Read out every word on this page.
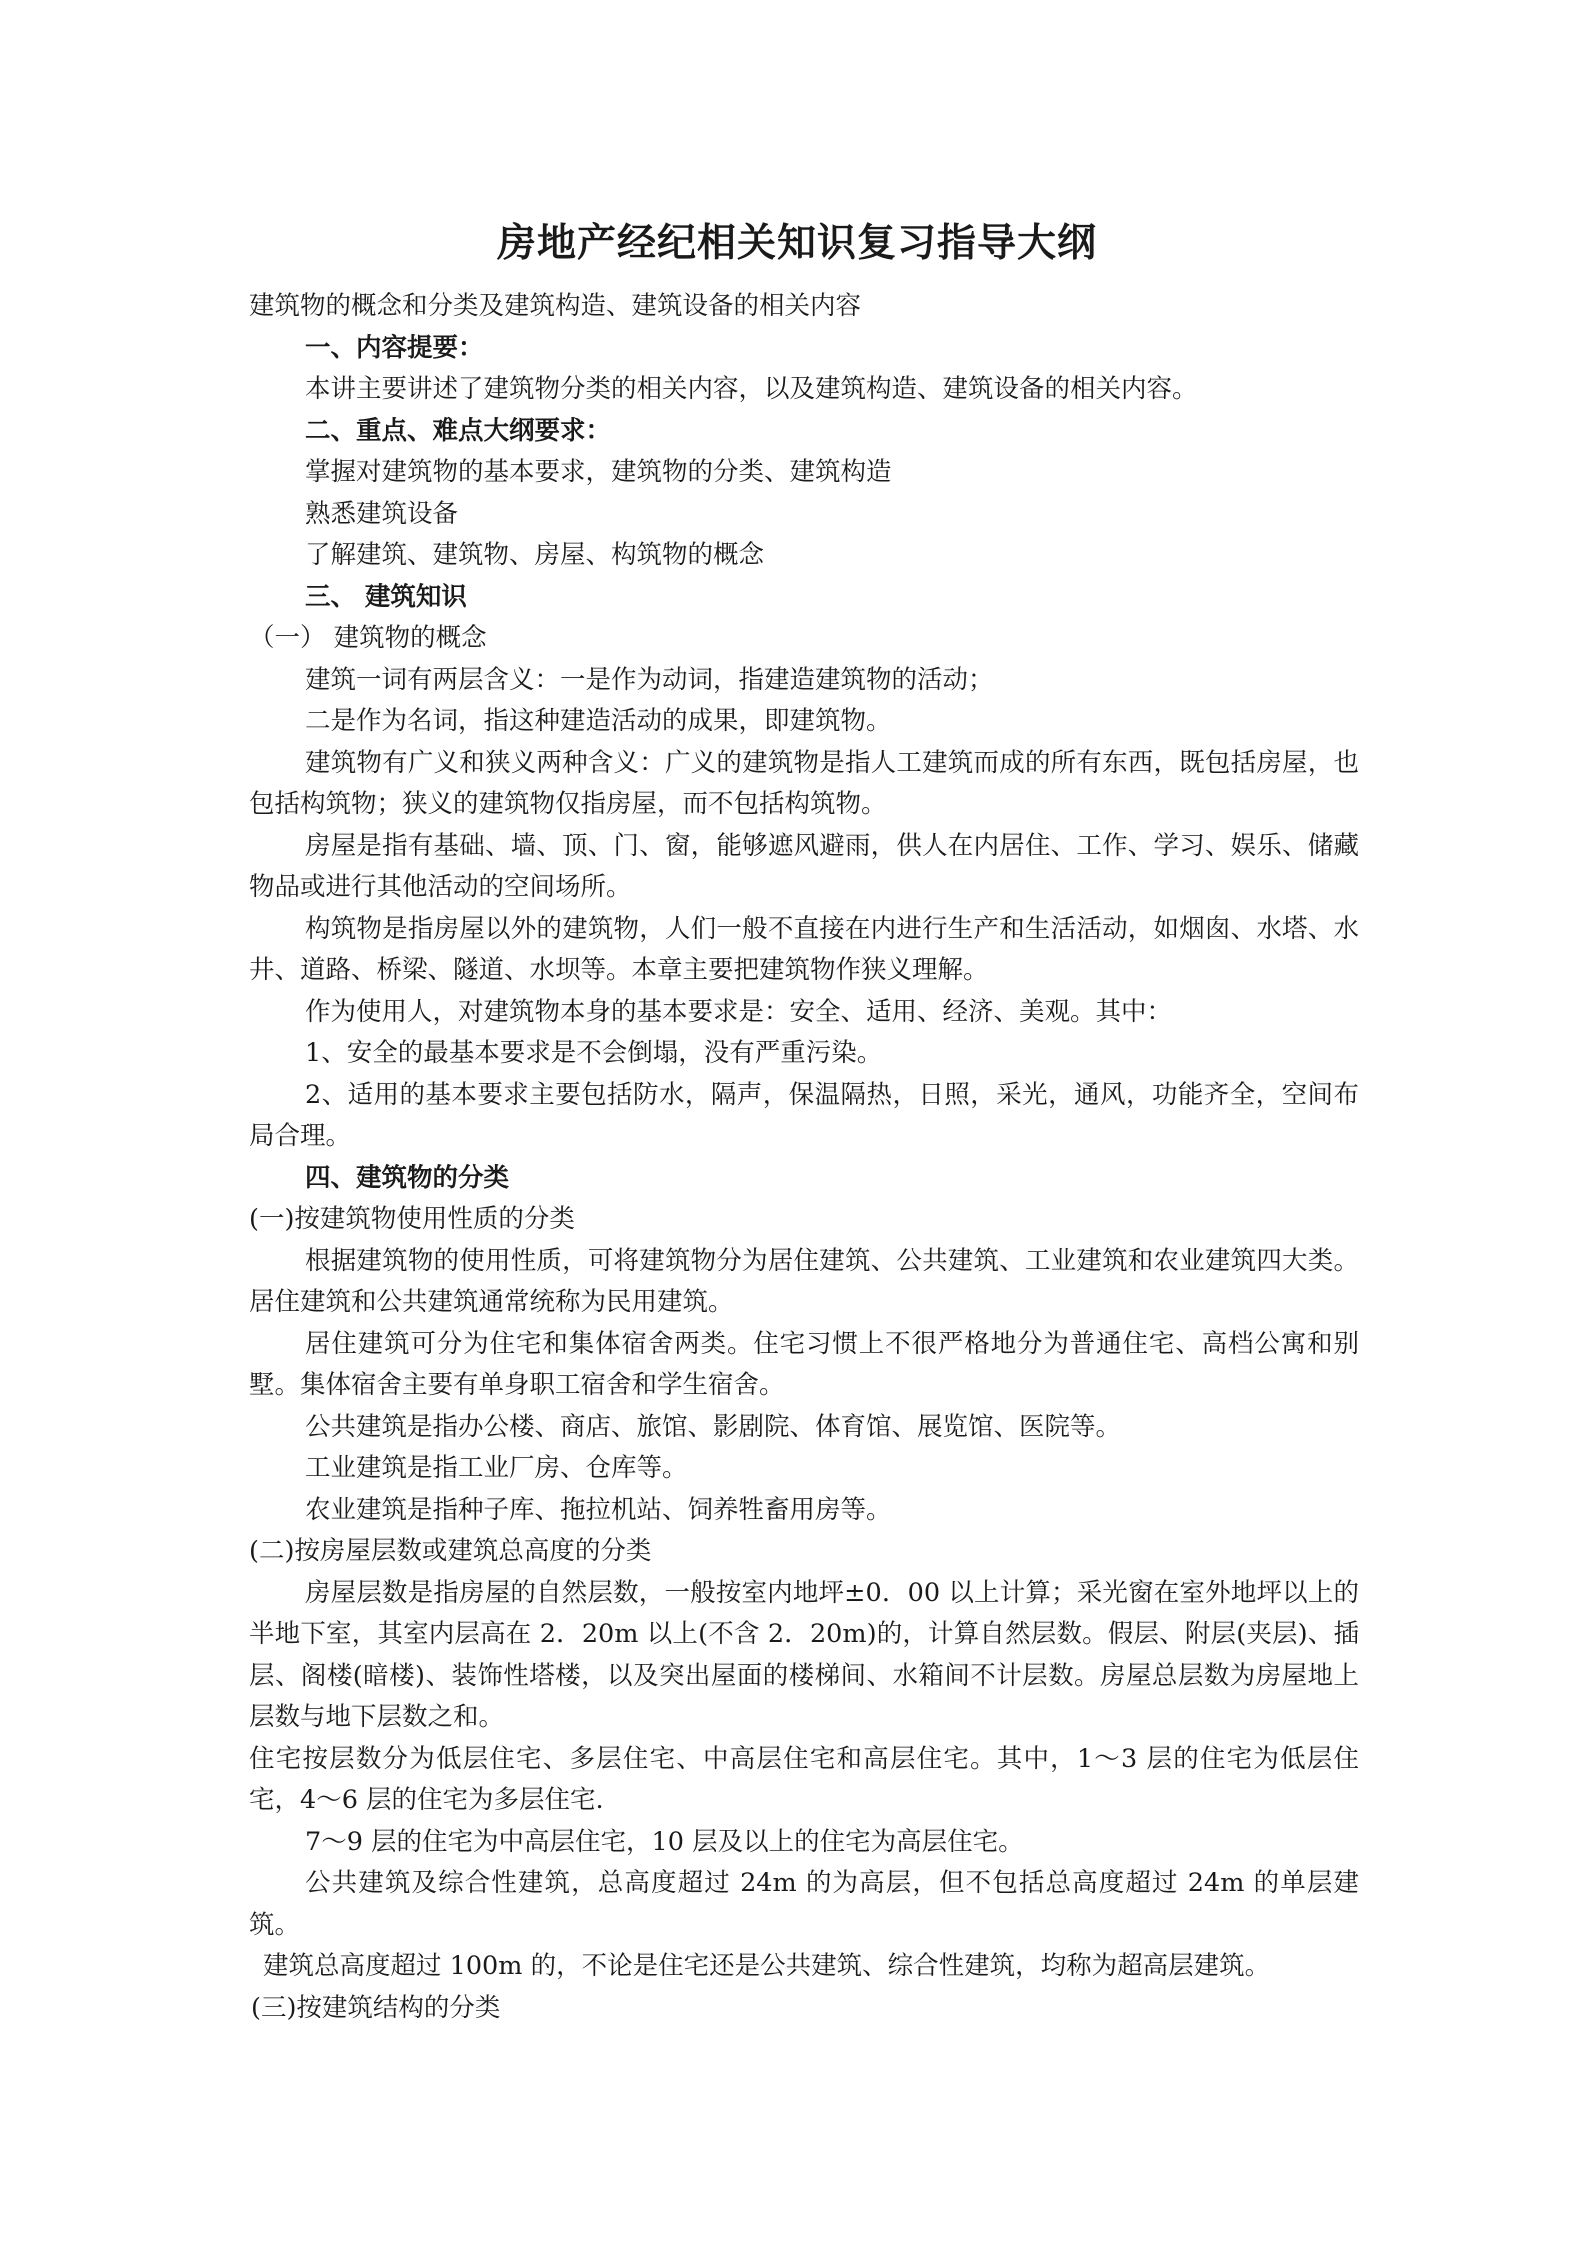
房地产经纪相关知识复习指导大纲

建筑物的概念和分类及建筑构造、建筑设备的相关内容

一、内容提要：

本讲主要讲述了建筑物分类的相关内容，以及建筑构造、建筑设备的相关内容。

二、重点、难点大纲要求：

掌握对建筑物的基本要求，建筑物的分类、建筑构造

熟悉建筑设备

了解建筑、建筑物、房屋、构筑物的概念

三、 建筑知识

（一） 建筑物的概念

建筑一词有两层含义：一是作为动词，指建造建筑物的活动；

二是作为名词，指这种建造活动的成果，即建筑物。

建筑物有广义和狭义两种含义：广义的建筑物是指人工建筑而成的所有东西，既包括房屋，也包括构筑物；狭义的建筑物仅指房屋，而不包括构筑物。

房屋是指有基础、墙、顶、门、窗，能够遮风避雨，供人在内居住、工作、学习、娱乐、储藏物品或进行其他活动的空间场所。

构筑物是指房屋以外的建筑物，人们一般不直接在内进行生产和生活活动，如烟囱、水塔、水井、道路、桥梁、隧道、水坝等。本章主要把建筑物作狭义理解。

作为使用人，对建筑物本身的基本要求是：安全、适用、经济、美观。其中：

1、安全的最基本要求是不会倒塌，没有严重污染。

2、适用的基本要求主要包括防水，隔声，保温隔热，日照，采光，通风，功能齐全，空间布局合理。

四、建筑物的分类

(一)按建筑物使用性质的分类

根据建筑物的使用性质，可将建筑物分为居住建筑、公共建筑、工业建筑和农业建筑四大类。居住建筑和公共建筑通常统称为民用建筑。

居住建筑可分为住宅和集体宿舍两类。住宅习惯上不很严格地分为普通住宅、高档公寓和别墅。集体宿舍主要有单身职工宿舍和学生宿舍。

公共建筑是指办公楼、商店、旅馆、影剧院、体育馆、展览馆、医院等。

工业建筑是指工业厂房、仓库等。

农业建筑是指种子库、拖拉机站、饲养牲畜用房等。

(二)按房屋层数或建筑总高度的分类

房屋层数是指房屋的自然层数，一般按室内地坪±0．00 以上计算；采光窗在室外地坪以上的半地下室，其室内层高在 2．20m 以上(不含 2．20m)的，计算自然层数。假层、附层(夹层)、插层、阁楼(暗楼)、装饰性塔楼，以及突出屋面的楼梯间、水箱间不计层数。房屋总层数为房屋地上层数与地下层数之和。

住宅按层数分为低层住宅、多层住宅、中高层住宅和高层住宅。其中，1～3 层的住宅为低层住宅，4～6 层的住宅为多层住宅.

7～9 层的住宅为中高层住宅，10 层及以上的住宅为高层住宅。

公共建筑及综合性建筑，总高度超过 24m 的为高层，但不包括总高度超过 24m 的单层建筑。

建筑总高度超过 100m 的，不论是住宅还是公共建筑、综合性建筑，均称为超高层建筑。

(三)按建筑结构的分类
